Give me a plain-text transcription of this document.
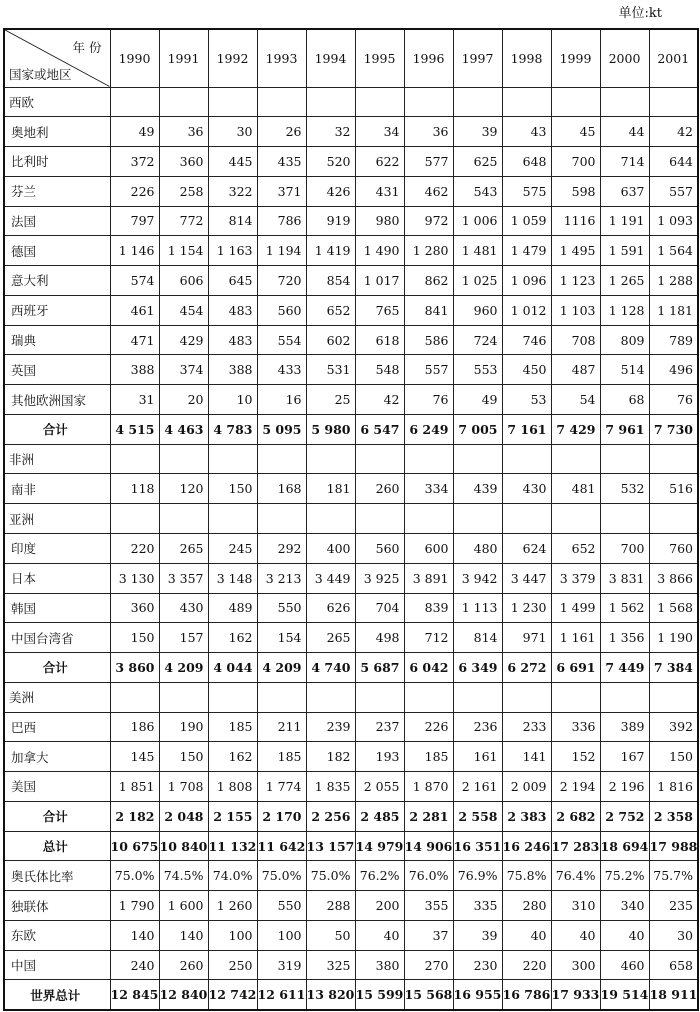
单位:kt
年 份
国家或地区	1990	1991	1992	1993	1994	1995	1996	1997	1998	1999	2000	2001
西欧												
奥地利	49	36	30	26	32	34	36	39	43	45	44	42
比利时	372	360	445	435	520	622	577	625	648	700	714	644
芬兰	226	258	322	371	426	431	462	543	575	598	637	557
法国	797	772	814	786	919	980	972	1 006	1 059	1116	1 191	1 093
德国	1 146	1 154	1 163	1 194	1 419	1 490	1 280	1 481	1 479	1 495	1 591	1 564
意大利	574	606	645	720	854	1 017	862	1 025	1 096	1 123	1 265	1 288
西班牙	461	454	483	560	652	765	841	960	1 012	1 103	1 128	1 181
瑞典	471	429	483	554	602	618	586	724	746	708	809	789
英国	388	374	388	433	531	548	557	553	450	487	514	496
其他欧洲国家	31	20	10	16	25	42	76	49	53	54	68	76
合计	4 515	4 463	4 783	5 095	5 980	6 547	6 249	7 005	7 161	7 429	7 961	7 730
非洲												
南非	118	120	150	168	181	260	334	439	430	481	532	516
亚洲												
印度	220	265	245	292	400	560	600	480	624	652	700	760
日本	3 130	3 357	3 148	3 213	3 449	3 925	3 891	3 942	3 447	3 379	3 831	3 866
韩国	360	430	489	550	626	704	839	1 113	1 230	1 499	1 562	1 568
中国台湾省	150	157	162	154	265	498	712	814	971	1 161	1 356	1 190
合计	3 860	4 209	4 044	4 209	4 740	5 687	6 042	6 349	6 272	6 691	7 449	7 384
美洲												
巴西	186	190	185	211	239	237	226	236	233	336	389	392
加拿大	145	150	162	185	182	193	185	161	141	152	167	150
美国	1 851	1 708	1 808	1 774	1 835	2 055	1 870	2 161	2 009	2 194	2 196	1 816
合计	2 182	2 048	2 155	2 170	2 256	2 485	2 281	2 558	2 383	2 682	2 752	2 358
总计	10 675	10 840	11 132	11 642	13 157	14 979	14 906	16 351	16 246	17 283	18 694	17 988
奥氏体比率	75.0%	74.5%	74.0%	75.0%	75.0%	76.2%	76.0%	76.9%	75.8%	76.4%	75.2%	75.7%
独联体	1 790	1 600	1 260	550	288	200	355	335	280	310	340	235
东欧	140	140	100	100	50	40	37	39	40	40	40	30
中国	240	260	250	319	325	380	270	230	220	300	460	658
世界总计	12 845	12 840	12 742	12 611	13 820	15 599	15 568	16 955	16 786	17 933	19 514	18 911
